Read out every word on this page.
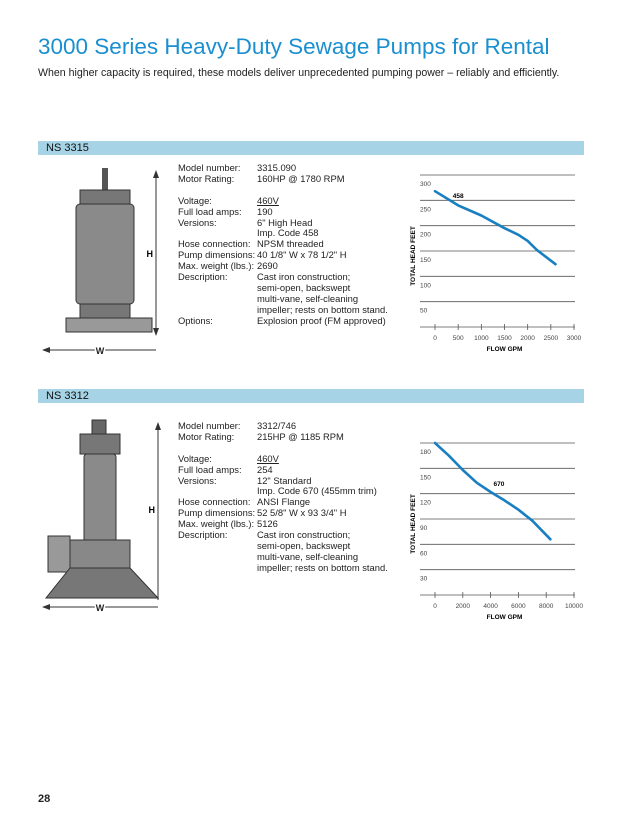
3000 Series Heavy-Duty Sewage Pumps for Rental
When higher capacity is required, these models deliver unprecedented pumping power – reliably and efficiently.
NS 3315
H
W
Model number:	3315.090
Motor Rating:	160HP @ 1780 RPM
Voltage:	460V
Full load amps:	190
Versions:	6" High Head
Imp. Code 458
Hose connection: NPSM threaded
Pump dimensions: 40 1/8" W x 78 1/2" H
Max. weight (lbs.): 2690
Description:	Cast iron construction;
semi-open, backswept
multi-vane, self-cleaning
impeller; rests on bottom stand.
Options:	Explosion proof (FM approved)
50
100
150
200
250
300
0 500 1000 1500 2000 2500 3000
FLOW GPM
TOTAL HEAD FEET
458
NS 3312
H
W
Model number:	3312/746
Motor Rating:	215HP @ 1185 RPM
Voltage:	460V
Full load amps:	254
Versions:	12" Standard
Imp. Code 670 (455mm trim)
Hose connection: ANSI Flange
Pump dimensions: 52 5/8" W x 93 3/4" H
Max. weight (lbs.): 5126
Description:	Cast iron construction;
semi-open, backswept
multi-vane, self-cleaning
impeller; rests on bottom stand.
30
60
90
120
150
180
0	2000 4000 6000 8000 10000
FLOW GPM
TOTAL HEAD FEET
670
28
